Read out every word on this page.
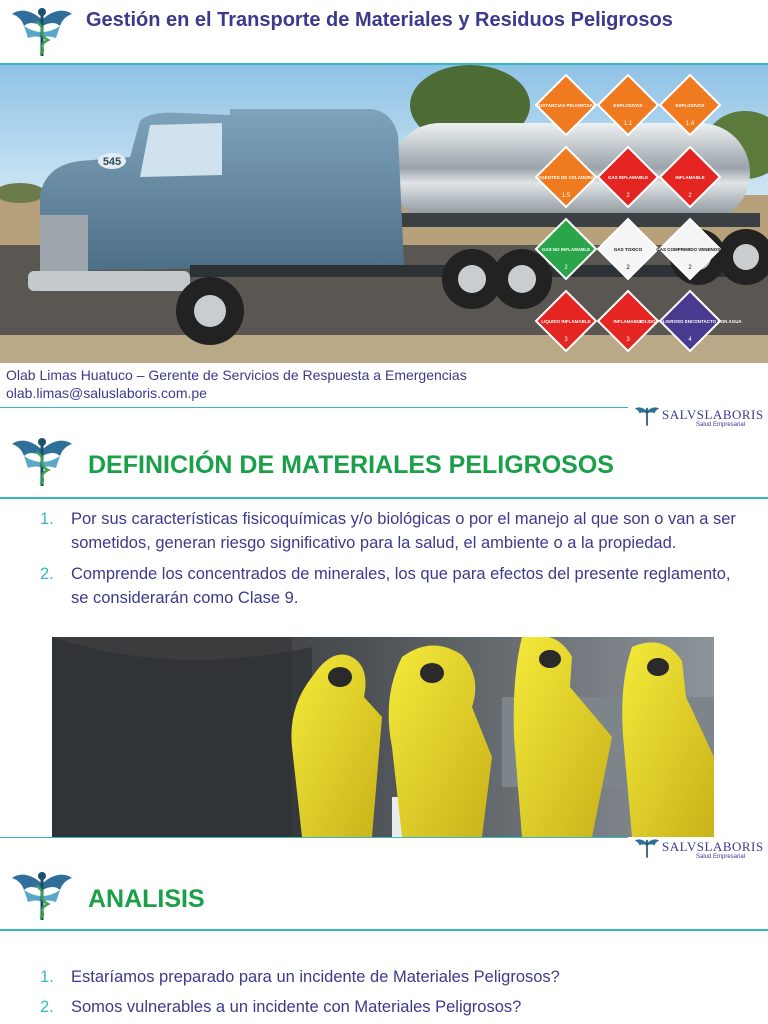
Gestión en el Transporte de Materiales y Residuos Peligrosos
545
SUSTANCIAS PELIGROSAS	EXPLOSIVOS
1.1
EXPLOSIVOS
1.4
AGENTES DE VOLADURA
1.5
GAS INFLAMABLE
2
INFLAMABLE
2
GAS NO INFLAMABLE
2
GAS TOXICO
2
GAS COMPRIMIDO VENENOSO
2
LIQUIDO INFLAMABLE
3
INFLAMABLE
3
SOLIDO PELIGROSO ENCONTACTO CON AGUA
4
Olab Limas Huatuco – Gerente de Servicios de Respuesta a Emergencias
olab.limas@saluslaboris.com.pe
SALVSLABORIS
Salud Empresarial
DEFINICIÓN DE MATERIALES PELIGROSOS
1. Por sus características fisicoquímicas y/o biológicas o por el manejo al que son o van a ser sometidos, generan riesgo significativo para la salud, el ambiente o a la propiedad.
2. Comprende los concentrados de minerales, los que para efectos del presente reglamento, se considerarán como Clase 9.
SALVSLABORIS
Salud Empresarial
ANALISIS
1. Estaríamos preparado para un incidente de Materiales Peligrosos?
2. Somos vulnerables a un incidente con Materiales Peligrosos?
